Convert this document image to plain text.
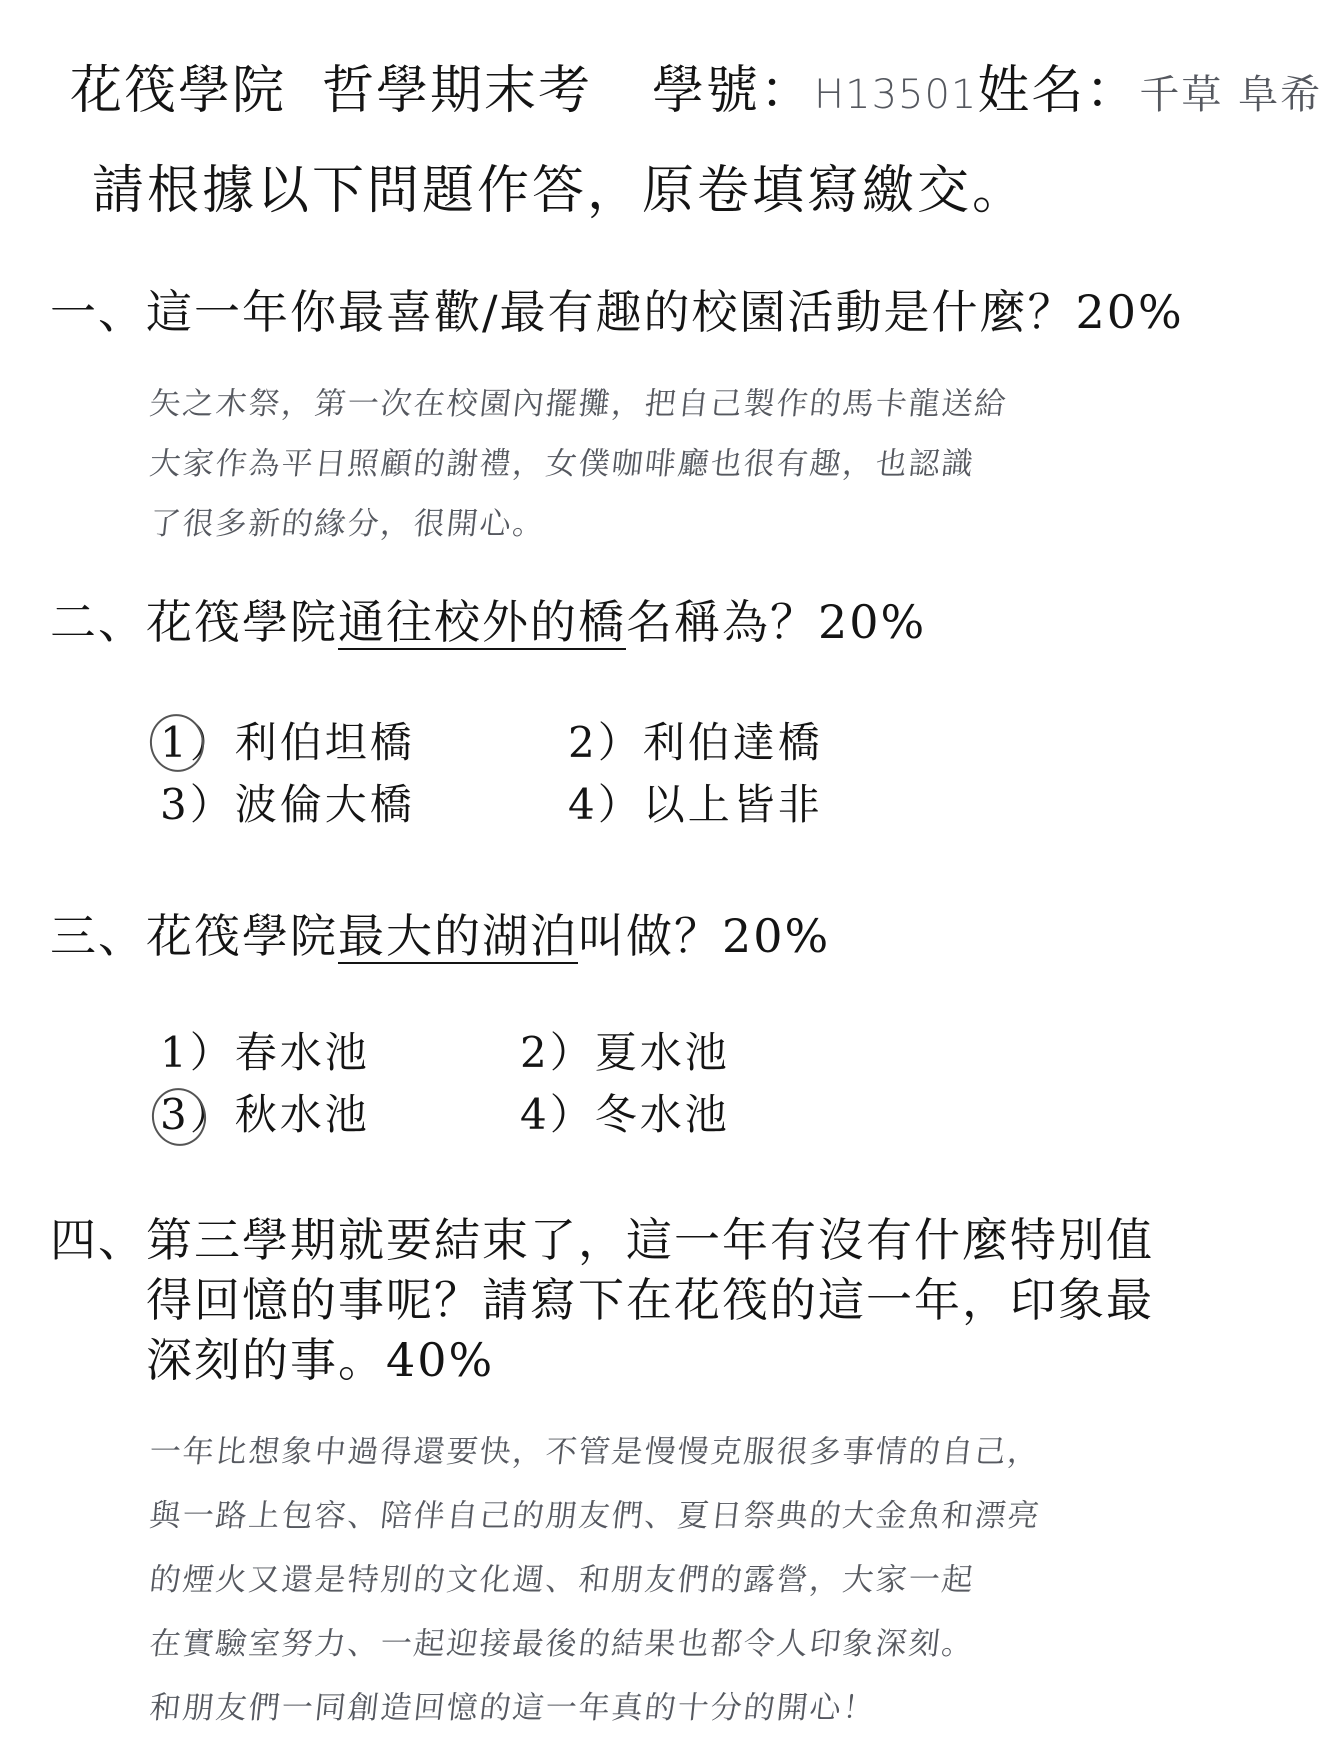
花筏學院 哲學期末考 學號：H13501姓名：千草 阜希
請根據以下問題作答，原卷填寫繳交。
一、這一年你最喜歡/最有趣的校園活動是什麼？20%
矢之木祭，第一次在校園內擺攤，把自己製作的馬卡龍送給
大家作為平日照顧的謝禮，女僕咖啡廳也很有趣，也認識
了很多新的緣分，很開心。
二、花筏學院通往校外的橋名稱為？20%
1）利伯坦橋	2）利伯達橋
3）波倫大橋	4）以上皆非
三、花筏學院最大的湖泊叫做？20%
1）春水池	2）夏水池
3）秋水池	4）冬水池
四、第三學期就要結束了，這一年有沒有什麼特別值得回憶的事呢？請寫下在花筏的這一年，印象最深刻的事。40%
一年比想象中過得還要快，不管是慢慢克服很多事情的自己，
與一路上包容、陪伴自己的朋友們、夏日祭典的大金魚和漂亮
的煙火又還是特別的文化週、和朋友們的露營，大家一起
在實驗室努力、一起迎接最後的結果也都令人印象深刻。
和朋友們一同創造回憶的這一年真的十分的開心！
